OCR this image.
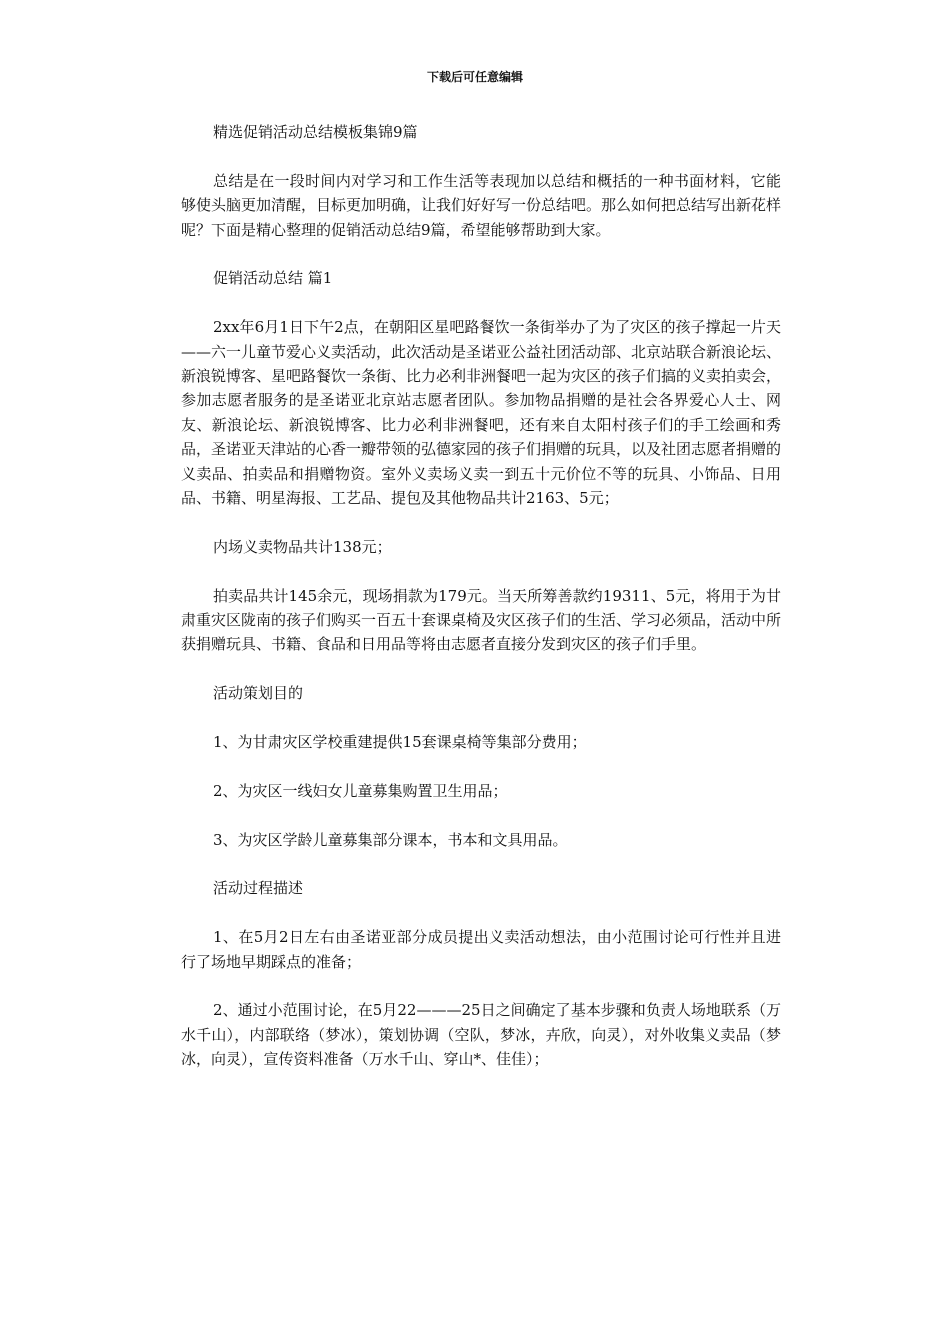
下载后可任意编辑

精选促销活动总结模板集锦9篇

总结是在一段时间内对学习和工作生活等表现加以总结和概括的一种书面材料，它能够使头脑更加清醒，目标更加明确，让我们好好写一份总结吧。那么如何把总结写出新花样呢？下面是精心整理的促销活动总结9篇，希望能够帮助到大家。

促销活动总结 篇1

2xx年6月1日下午2点，在朝阳区星吧路餐饮一条街举办了为了灾区的孩子撑起一片天——六一儿童节爱心义卖活动，此次活动是圣诺亚公益社团活动部、北京站联合新浪论坛、新浪锐博客、星吧路餐饮一条街、比力必利非洲餐吧一起为灾区的孩子们搞的义卖拍卖会，参加志愿者服务的是圣诺亚北京站志愿者团队。参加物品捐赠的是社会各界爱心人士、网友、新浪论坛、新浪锐博客、比力必利非洲餐吧，还有来自太阳村孩子们的手工绘画和秀品，圣诺亚天津站的心香一瓣带领的弘德家园的孩子们捐赠的玩具，以及社团志愿者捐赠的义卖品、拍卖品和捐赠物资。室外义卖场义卖一到五十元价位不等的玩具、小饰品、日用品、书籍、明星海报、工艺品、提包及其他物品共计2163、5元；

内场义卖物品共计138元；

拍卖品共计145余元，现场捐款为179元。当天所筹善款约19311、5元，将用于为甘肃重灾区陇南的孩子们购买一百五十套课桌椅及灾区孩子们的生活、学习必须品，活动中所获捐赠玩具、书籍、食品和日用品等将由志愿者直接分发到灾区的孩子们手里。

活动策划目的

1、为甘肃灾区学校重建提供15套课桌椅等集部分费用；

2、为灾区一线妇女儿童募集购置卫生用品；

3、为灾区学龄儿童募集部分课本，书本和文具用品。

活动过程描述

1、在5月2日左右由圣诺亚部分成员提出义卖活动想法，由小范围讨论可行性并且进行了场地早期踩点的准备；

2、通过小范围讨论，在5月22———25日之间确定了基本步骤和负责人场地联系（万水千山），内部联络（梦冰），策划协调（空队，梦冰，卉欣，向灵），对外收集义卖品（梦冰，向灵），宣传资料准备（万水千山、穿山*、佳佳）；
